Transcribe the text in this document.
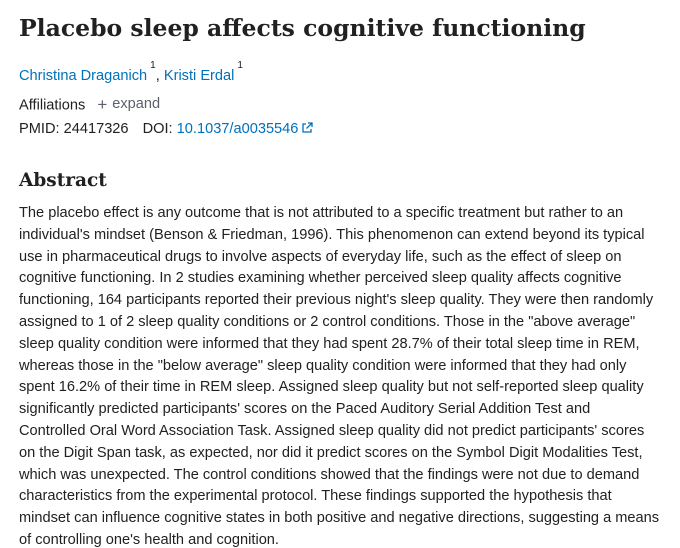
Placebo sleep affects cognitive functioning
Christina Draganich$^1$, Kristi Erdal$^1$
Affiliations + expand
PMID: 24417326 DOI: 10.1037/a0035546
Abstract
The placebo effect is any outcome that is not attributed to a specific treatment but rather to an
individual's mindset (Benson & Friedman, 1996). This phenomenon can extend beyond its typical
use in pharmaceutical drugs to involve aspects of everyday life, such as the effect of sleep on
cognitive functioning. In 2 studies examining whether perceived sleep quality affects cognitive
functioning, 164 participants reported their previous night's sleep quality. They were then randomly
assigned to 1 of 2 sleep quality conditions or 2 control conditions. Those in the "above average"
sleep quality condition were informed that they had spent 28.7% of their total sleep time in REM,
whereas those in the "below average" sleep quality condition were informed that they had only
spent 16.2% of their time in REM sleep. Assigned sleep quality but not self-reported sleep quality
significantly predicted participants' scores on the Paced Auditory Serial Addition Test and
Controlled Oral Word Association Task. Assigned sleep quality did not predict participants' scores
on the Digit Span task, as expected, nor did it predict scores on the Symbol Digit Modalities Test,
which was unexpected. The control conditions showed that the findings were not due to demand
characteristics from the experimental protocol. These findings supported the hypothesis that
mindset can influence cognitive states in both positive and negative directions, suggesting a means
of controlling one's health and cognition.
